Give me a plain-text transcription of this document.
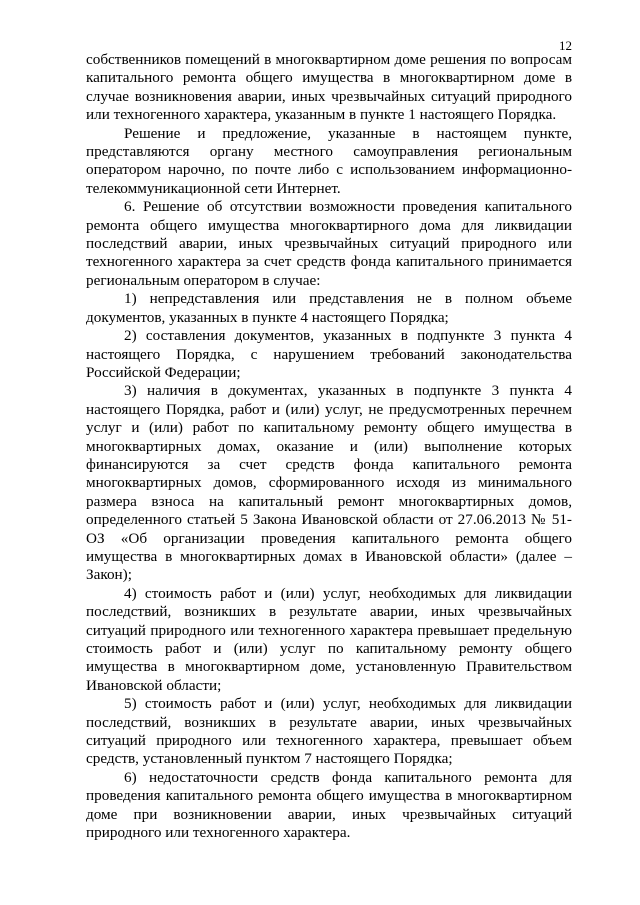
12

собственников помещений в многоквартирном доме решения по вопросам капитального ремонта общего имущества в многоквартирном доме в случае возникновения аварии, иных чрезвычайных ситуаций природного или техногенного характера, указанным в пункте 1 настоящего Порядка.

Решение и предложение, указанные в настоящем пункте, представляются органу местного самоуправления региональным оператором нарочно, по почте либо с использованием информационно-телекоммуникационной сети Интернет.

6. Решение об отсутствии возможности проведения капитального ремонта общего имущества многоквартирного дома для ликвидации последствий аварии, иных чрезвычайных ситуаций природного или техногенного характера за счет средств фонда капитального принимается региональным оператором в случае:

1) непредставления или представления не в полном объеме документов, указанных в пункте 4 настоящего Порядка;

2) составления документов, указанных в подпункте 3 пункта 4 настоящего Порядка, с нарушением требований законодательства Российской Федерации;

3) наличия в документах, указанных в подпункте 3 пункта 4 настоящего Порядка, работ и (или) услуг, не предусмотренных перечнем услуг и (или) работ по капитальному ремонту общего имущества в многоквартирных домах, оказание и (или) выполнение которых финансируются за счет средств фонда капитального ремонта многоквартирных домов, сформированного исходя из минимального размера взноса на капитальный ремонт многоквартирных домов, определенного статьей 5 Закона Ивановской области от 27.06.2013 № 51-ОЗ «Об организации проведения капитального ремонта общего имущества в многоквартирных домах в Ивановской области» (далее – Закон);

4) стоимость работ и (или) услуг, необходимых для ликвидации последствий, возникших в результате аварии, иных чрезвычайных ситуаций природного или техногенного характера превышает предельную стоимость работ и (или) услуг по капитальному ремонту общего имущества в многоквартирном доме, установленную Правительством Ивановской области;

5) стоимость работ и (или) услуг, необходимых для ликвидации последствий, возникших в результате аварии, иных чрезвычайных ситуаций природного или техногенного характера, превышает объем средств, установленный пунктом 7 настоящего Порядка;

6) недостаточности средств фонда капитального ремонта для проведения капитального ремонта общего имущества в многоквартирном доме при возникновении аварии, иных чрезвычайных ситуаций природного или техногенного характера.
